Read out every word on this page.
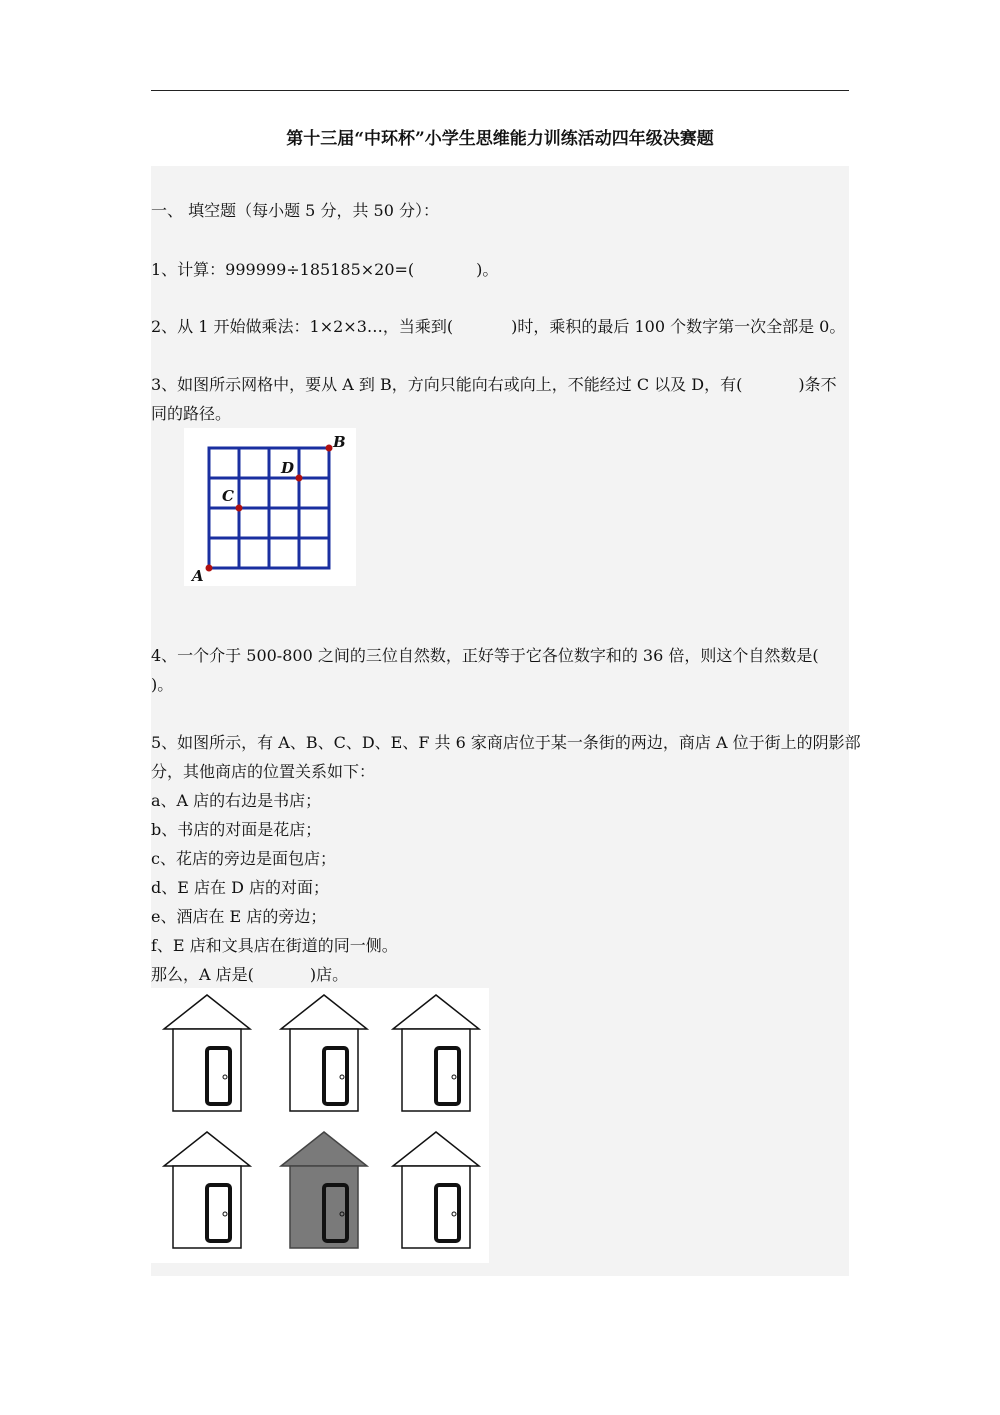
第十三届“中环杯”小学生思维能力训练活动四年级决赛题
一、 填空题（每小题 5 分，共 50 分）：
1、计算：999999÷185185×20=(	)。
2、从 1 开始做乘法：1×2×3…，当乘到(	)时，乘积的最后 100 个数字第一次全部是 0。
3、如图所示网格中，要从 A 到 B，方向只能向右或向上，不能经过 C 以及 D，有(	)条不
同的路径。
A
B
C
D
4、一个介于 500-800 之间的三位自然数，正好等于它各位数字和的 36 倍，则这个自然数是(
)。
5、如图所示，有 A、B、C、D、E、F 共 6 家商店位于某一条街的两边，商店 A 位于街上的阴影部
分，其他商店的位置关系如下：
a、A 店的右边是书店；
b、书店的对面是花店；
c、花店的旁边是面包店；
d、E 店在 D 店的对面；
e、酒店在 E 店的旁边；
f、E 店和文具店在街道的同一侧。
那么，A 店是(	)店。
